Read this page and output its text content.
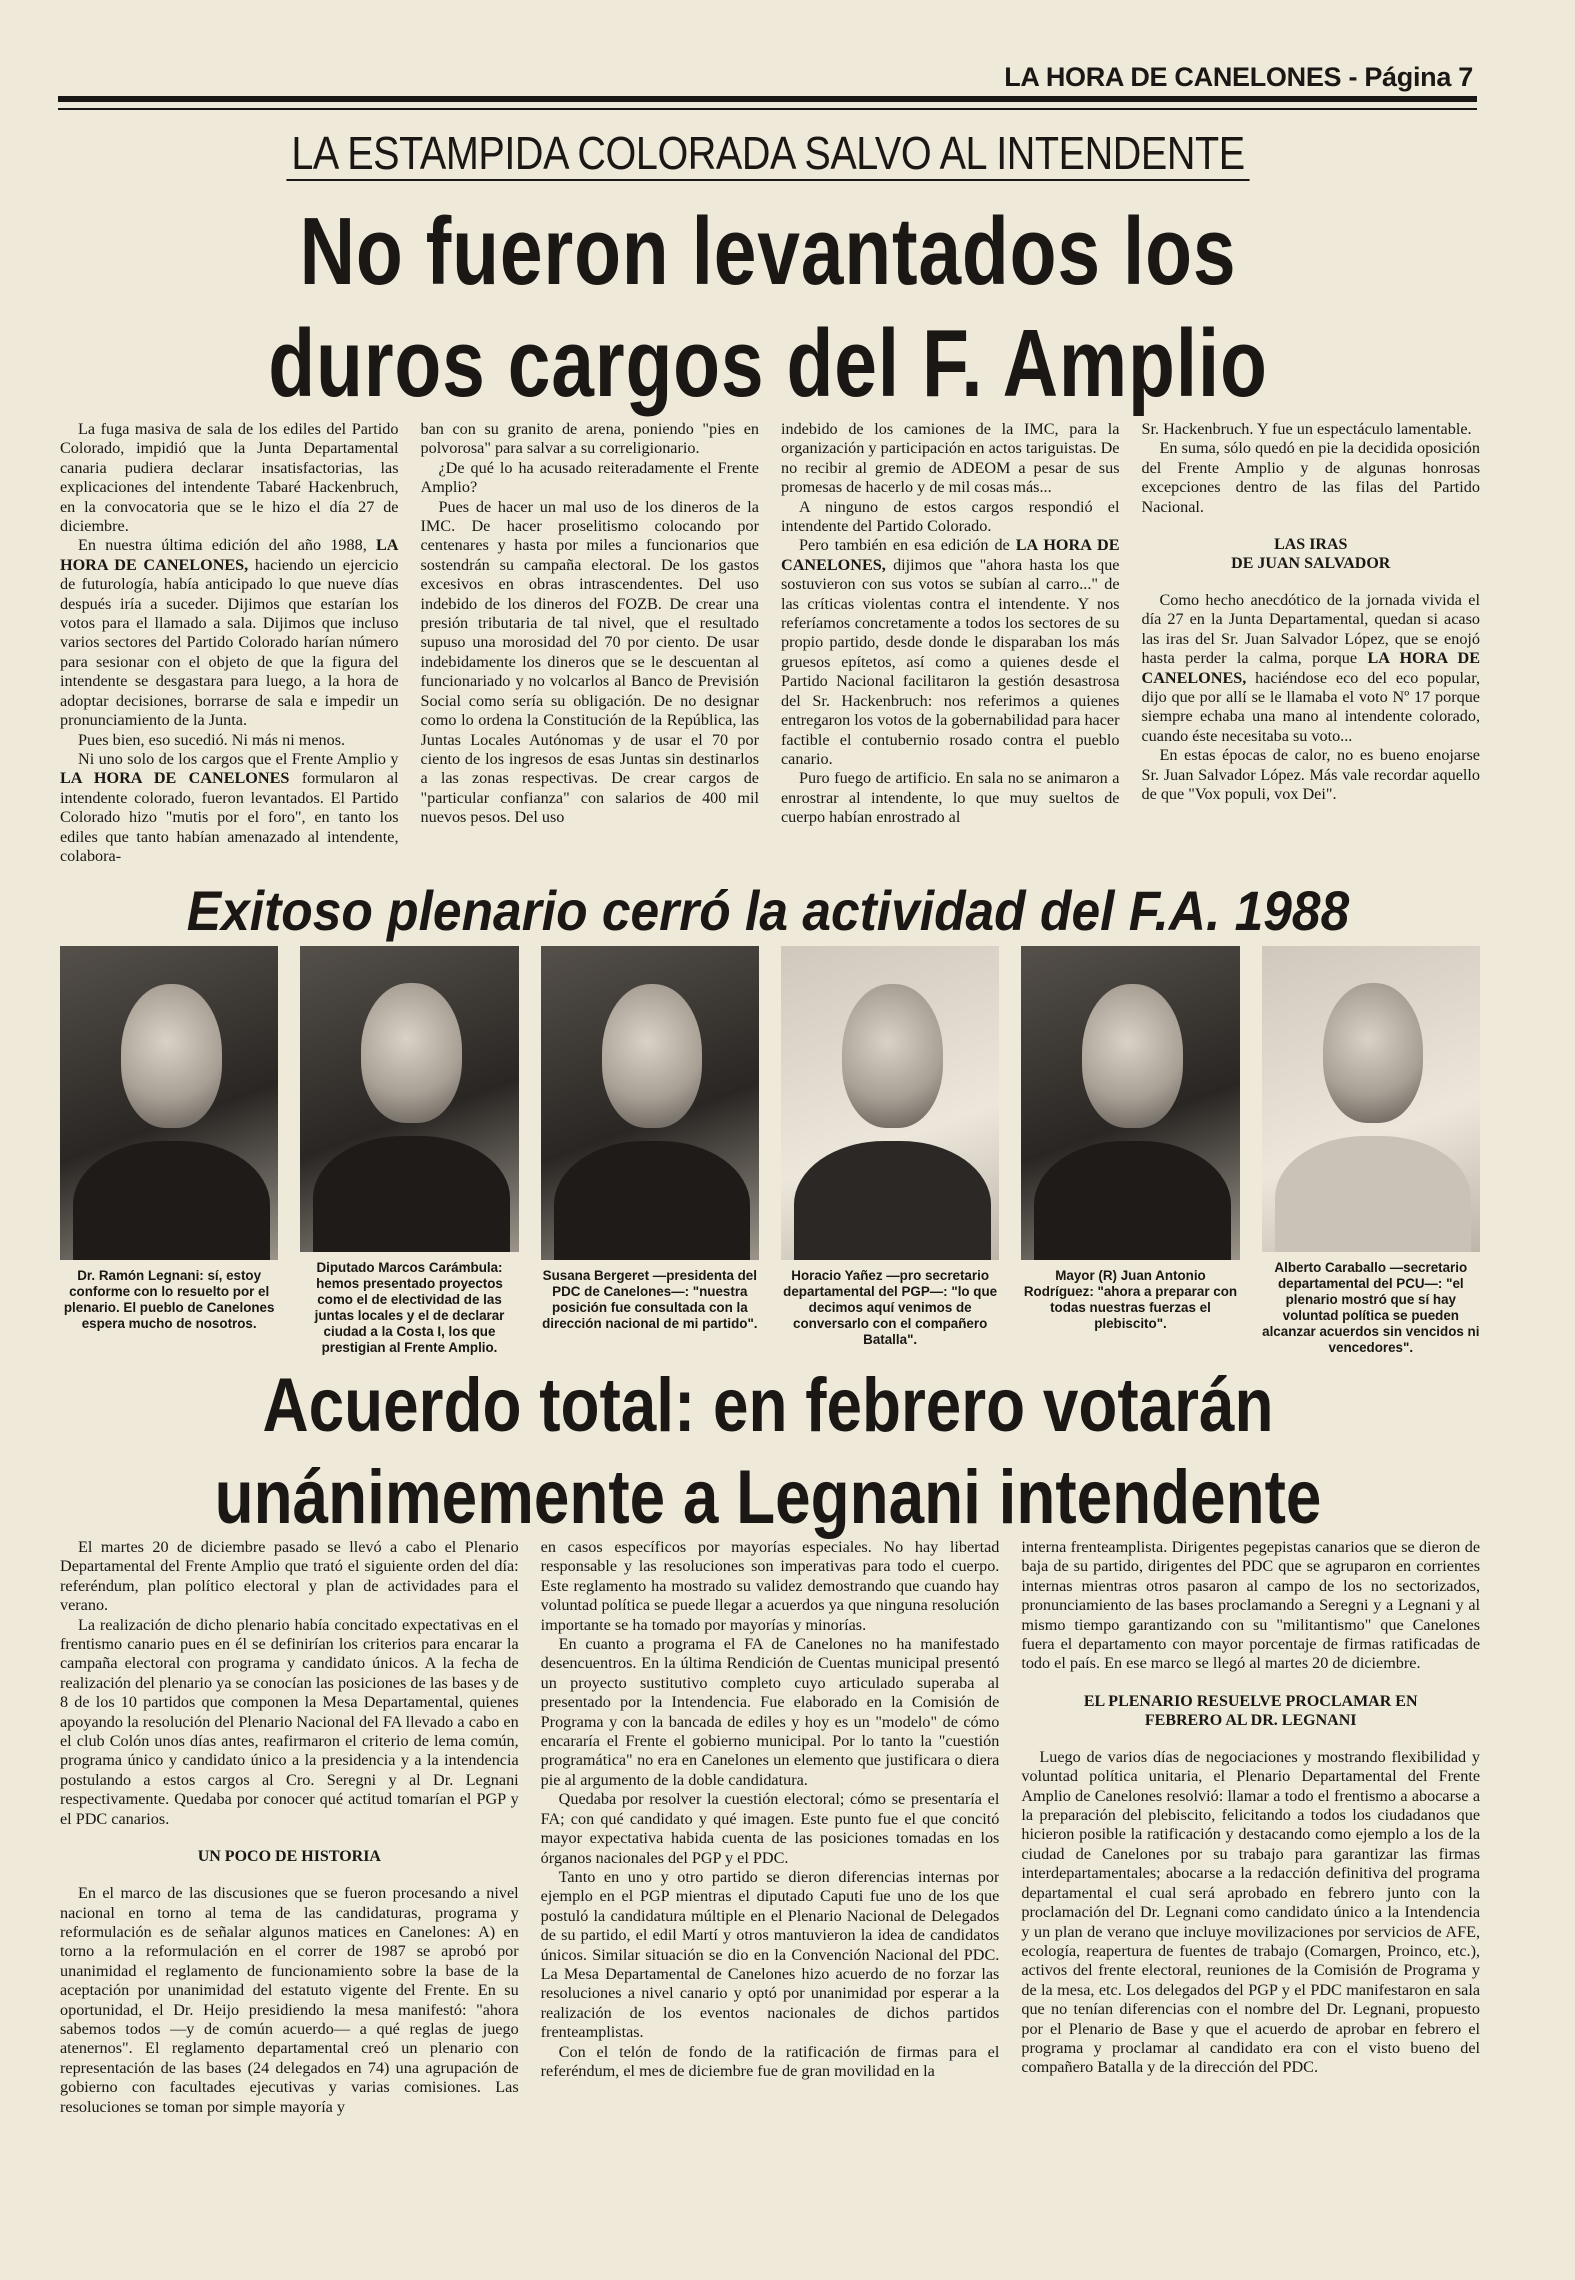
LA HORA DE CANELONES - Página 7
LA ESTAMPIDA COLORADA SALVO AL INTENDENTE
No fueron levantados los
duros cargos del F. Amplio

La fuga masiva de sala de los ediles del Partido Colorado, impidió que la Junta Departamental canaria pudiera declarar insatisfactorias, las explicaciones del intendente Tabaré Hackenbruch, en la convocatoria que se le hizo el día 27 de diciembre.

En nuestra última edición del año 1988, LA HORA DE CANELONES, haciendo un ejercicio de futurología, había anticipado lo que nueve días después iría a suceder. Dijimos que estarían los votos para el llamado a sala. Dijimos que incluso varios sectores del Partido Colorado harían número para sesionar con el objeto de que la figura del intendente se desgastara para luego, a la hora de adoptar decisiones, borrarse de sala e impedir un pronunciamiento de la Junta.

Pues bien, eso sucedió. Ni más ni menos.

Ni uno solo de los cargos que el Frente Amplio y LA HORA DE CANELONES formularon al intendente colorado, fueron levantados. El Partido Colorado hizo "mutis por el foro", en tanto los ediles que tanto habían amenazado al intendente, colabora-

ban con su granito de arena, poniendo "pies en polvorosa" para salvar a su correligionario.

¿De qué lo ha acusado reiteradamente el Frente Amplio?

Pues de hacer un mal uso de los dineros de la IMC. De hacer proselitismo colocando por centenares y hasta por miles a funcionarios que sostendrán su campaña electoral. De los gastos excesivos en obras intrascendentes. Del uso indebido de los dineros del FOZB. De crear una presión tributaria de tal nivel, que el resultado supuso una morosidad del 70 por ciento. De usar indebidamente los dineros que se le descuentan al funcionariado y no volcarlos al Banco de Previsión Social como sería su obligación. De no designar como lo ordena la Constitución de la República, las Juntas Locales Autónomas y de usar el 70 por ciento de los ingresos de esas Juntas sin destinarlos a las zonas respectivas. De crear cargos de "particular confianza" con salarios de 400 mil nuevos pesos. Del uso

indebido de los camiones de la IMC, para la organización y participación en actos tariguistas. De no recibir al gremio de ADEOM a pesar de sus promesas de hacerlo y de mil cosas más...

A ninguno de estos cargos respondió el intendente del Partido Colorado.

Pero también en esa edición de LA HORA DE CANELONES, dijimos que "ahora hasta los que sostuvieron con sus votos se subían al carro..." de las críticas violentas contra el intendente. Y nos referíamos concretamente a todos los sectores de su propio partido, desde donde le disparaban los más gruesos epítetos, así como a quienes desde el Partido Nacional facilitaron la gestión desastrosa del Sr. Hackenbruch: nos referimos a quienes entregaron los votos de la gobernabilidad para hacer factible el contubernio rosado contra el pueblo canario.

Puro fuego de artificio. En sala no se animaron a enrostrar al intendente, lo que muy sueltos de cuerpo habían enrostrado al

Sr. Hackenbruch. Y fue un espectáculo lamentable.

En suma, sólo quedó en pie la decidida oposición del Frente Amplio y de algunas honrosas excepciones dentro de las filas del Partido Nacional.

LAS IRAS
DE JUAN SALVADOR

Como hecho anecdótico de la jornada vivida el día 27 en la Junta Departamental, quedan si acaso las iras del Sr. Juan Salvador López, que se enojó hasta perder la calma, porque LA HORA DE CANELONES, haciéndose eco del eco popular, dijo que por allí se le llamaba el voto Nº 17 porque siempre echaba una mano al intendente colorado, cuando éste necesitaba su voto...

En estas épocas de calor, no es bueno enojarse Sr. Juan Salvador López. Más vale recordar aquello de que "Vox populi, vox Dei".

Exitoso plenario cerró la actividad del F.A. 1988
Dr. Ramón Legnani: sí, estoy conforme con lo resuelto por el plenario. El pueblo de Canelones espera mucho de nosotros.
Diputado Marcos Carámbula: hemos presentado proyectos como el de electividad de las juntas locales y el de declarar ciudad a la Costa I, los que prestigian al Frente Amplio.
Susana Bergeret —presidenta del PDC de Canelones—: "nuestra posición fue consultada con la dirección nacional de mi partido".
Horacio Yañez —pro secretario departamental del PGP—: "lo que decimos aquí venimos de conversarlo con el compañero Batalla".
Mayor (R) Juan Antonio Rodríguez: "ahora a preparar con todas nuestras fuerzas el plebiscito".
Alberto Caraballo —secretario departamental del PCU—: "el plenario mostró que sí hay voluntad política se pueden alcanzar acuerdos sin vencidos ni vencedores".
Acuerdo total: en febrero votarán
unánimemente a Legnani intendente

El martes 20 de diciembre pasado se llevó a cabo el Plenario Departamental del Frente Amplio que trató el siguiente orden del día: referéndum, plan político electoral y plan de actividades para el verano.

La realización de dicho plenario había concitado expectativas en el frentismo canario pues en él se definirían los criterios para encarar la campaña electoral con programa y candidato únicos. A la fecha de realización del plenario ya se conocían las posiciones de las bases y de 8 de los 10 partidos que componen la Mesa Departamental, quienes apoyando la resolución del Plenario Nacional del FA llevado a cabo en el club Colón unos días antes, reafirmaron el criterio de lema común, programa único y candidato único a la presidencia y a la intendencia postulando a estos cargos al Cro. Seregni y al Dr. Legnani respectivamente. Quedaba por conocer qué actitud tomarían el PGP y el PDC canarios.

UN POCO DE HISTORIA

En el marco de las discusiones que se fueron procesando a nivel nacional en torno al tema de las candidaturas, programa y reformulación es de señalar algunos matices en Canelones: A) en torno a la reformulación en el correr de 1987 se aprobó por unanimidad el reglamento de funcionamiento sobre la base de la aceptación por unanimidad del estatuto vigente del Frente. En su oportunidad, el Dr. Heijo presidiendo la mesa manifestó: "ahora sabemos todos —y de común acuerdo— a qué reglas de juego atenernos". El reglamento departamental creó un plenario con representación de las bases (24 delegados en 74) una agrupación de gobierno con facultades ejecutivas y varias comisiones. Las resoluciones se toman por simple mayoría y

en casos específicos por mayorías especiales. No hay libertad responsable y las resoluciones son imperativas para todo el cuerpo. Este reglamento ha mostrado su validez demostrando que cuando hay voluntad política se puede llegar a acuerdos ya que ninguna resolución importante se ha tomado por mayorías y minorías.

En cuanto a programa el FA de Canelones no ha manifestado desencuentros. En la última Rendición de Cuentas municipal presentó un proyecto sustitutivo completo cuyo articulado superaba al presentado por la Intendencia. Fue elaborado en la Comisión de Programa y con la bancada de ediles y hoy es un "modelo" de cómo encararía el Frente el gobierno municipal. Por lo tanto la "cuestión programática" no era en Canelones un elemento que justificara o diera pie al argumento de la doble candidatura.

Quedaba por resolver la cuestión electoral; cómo se presentaría el FA; con qué candidato y qué imagen. Este punto fue el que concitó mayor expectativa habida cuenta de las posiciones tomadas en los órganos nacionales del PGP y el PDC.

Tanto en uno y otro partido se dieron diferencias internas por ejemplo en el PGP mientras el diputado Caputi fue uno de los que postuló la candidatura múltiple en el Plenario Nacional de Delegados de su partido, el edil Martí y otros mantuvieron la idea de candidatos únicos. Similar situación se dio en la Convención Nacional del PDC. La Mesa Departamental de Canelones hizo acuerdo de no forzar las resoluciones a nivel canario y optó por unanimidad por esperar a la realización de los eventos nacionales de dichos partidos frenteamplistas.

Con el telón de fondo de la ratificación de firmas para el referéndum, el mes de diciembre fue de gran movilidad en la

interna frenteamplista. Dirigentes pegepistas canarios que se dieron de baja de su partido, dirigentes del PDC que se agruparon en corrientes internas mientras otros pasaron al campo de los no sectorizados, pronunciamiento de las bases proclamando a Seregni y a Legnani y al mismo tiempo garantizando con su "militantismo" que Canelones fuera el departamento con mayor porcentaje de firmas ratificadas de todo el país. En ese marco se llegó al martes 20 de diciembre.

EL PLENARIO RESUELVE PROCLAMAR EN
FEBRERO AL DR. LEGNANI

Luego de varios días de negociaciones y mostrando flexibilidad y voluntad política unitaria, el Plenario Departamental del Frente Amplio de Canelones resolvió: llamar a todo el frentismo a abocarse a la preparación del plebiscito, felicitando a todos los ciudadanos que hicieron posible la ratificación y destacando como ejemplo a los de la ciudad de Canelones por su trabajo para garantizar las firmas interdepartamentales; abocarse a la redacción definitiva del programa departamental el cual será aprobado en febrero junto con la proclamación del Dr. Legnani como candidato único a la Intendencia y un plan de verano que incluye movilizaciones por servicios de AFE, ecología, reapertura de fuentes de trabajo (Comargen, Proinco, etc.), activos del frente electoral, reuniones de la Comisión de Programa y de la mesa, etc. Los delegados del PGP y el PDC manifestaron en sala que no tenían diferencias con el nombre del Dr. Legnani, propuesto por el Plenario de Base y que el acuerdo de aprobar en febrero el programa y proclamar al candidato era con el visto bueno del compañero Batalla y de la dirección del PDC.
